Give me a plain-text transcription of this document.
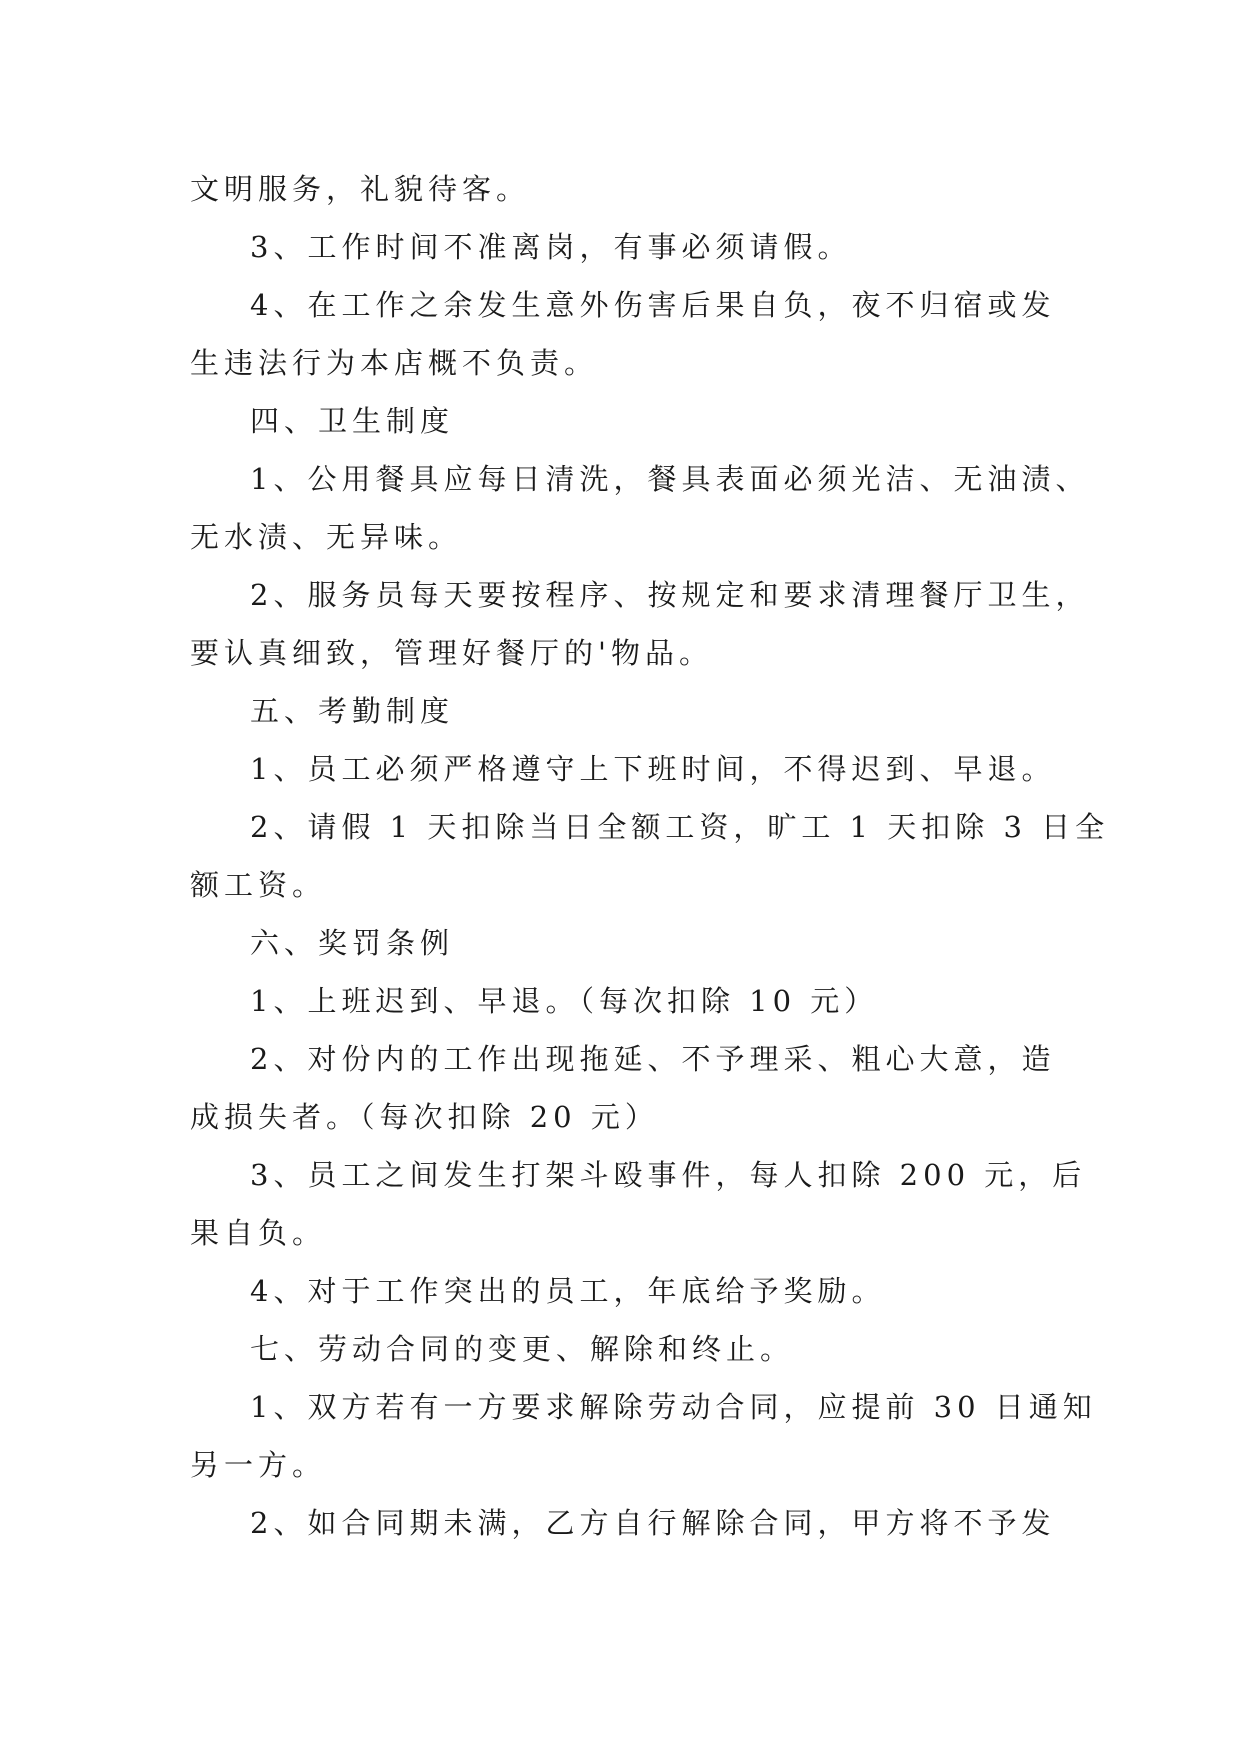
文明服务，礼貌待客。

3、工作时间不准离岗，有事必须请假。

4、在工作之余发生意外伤害后果自负，夜不归宿或发

生违法行为本店概不负责。

四、卫生制度

1、公用餐具应每日清洗，餐具表面必须光洁、无油渍、

无水渍、无异味。

2、服务员每天要按程序、按规定和要求清理餐厅卫生，

要认真细致，管理好餐厅的'物品。

五、考勤制度

1、员工必须严格遵守上下班时间，不得迟到、早退。

2、请假 1 天扣除当日全额工资，旷工 1 天扣除 3 日全

额工资。

六、奖罚条例

1、上班迟到、早退。（每次扣除 10 元）

2、对份内的工作出现拖延、不予理采、粗心大意，造

成损失者。（每次扣除 20 元）

3、员工之间发生打架斗殴事件，每人扣除 200 元，后

果自负。

4、对于工作突出的员工，年底给予奖励。

七、劳动合同的变更、解除和终止。

1、双方若有一方要求解除劳动合同，应提前 30 日通知

另一方。

2、如合同期未满，乙方自行解除合同，甲方将不予发
